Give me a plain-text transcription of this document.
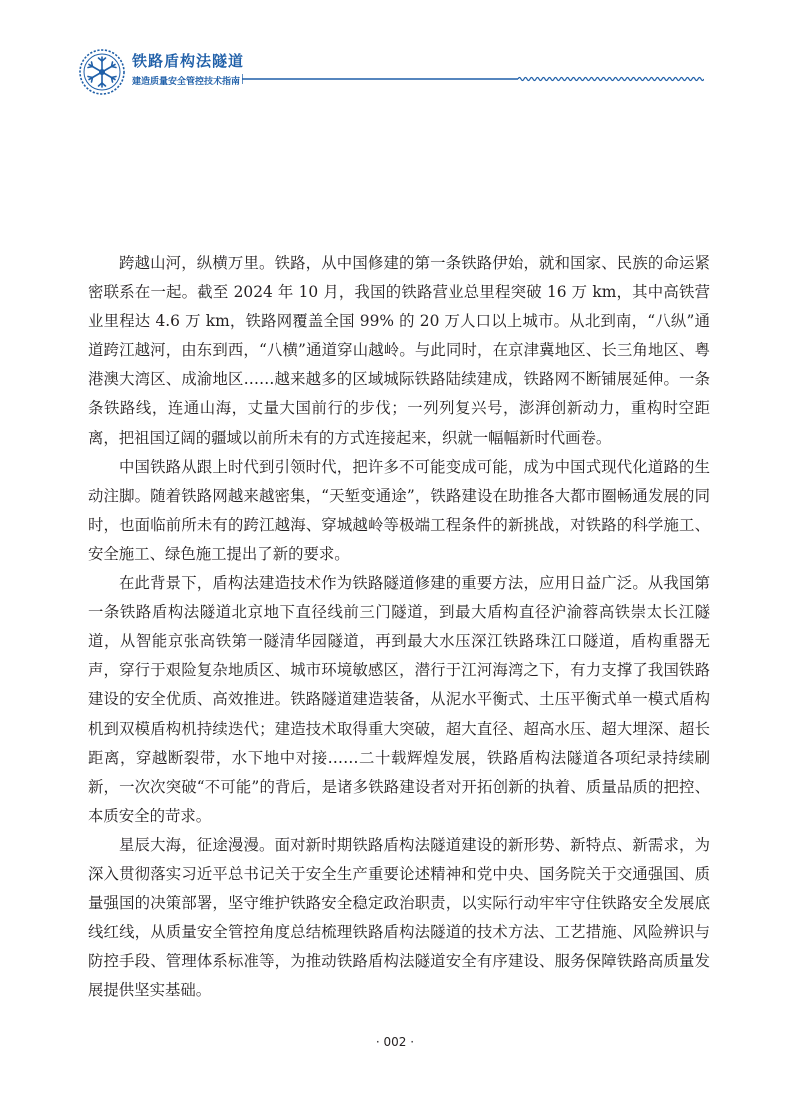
铁路盾构法隧道
建造质量安全管控技术指南

跨越山河，纵横万里。铁路，从中国修建的第一条铁路伊始，就和国家、民族的命运紧密联系在一起。截至 2024 年 10 月，我国的铁路营业总里程突破 16 万 km，其中高铁营业里程达 4.6 万 km，铁路网覆盖全国 99% 的 20 万人口以上城市。从北到南，“八纵”通道跨江越河，由东到西，“八横”通道穿山越岭。与此同时，在京津冀地区、长三角地区、粤港澳大湾区、成渝地区……越来越多的区域城际铁路陆续建成，铁路网不断铺展延伸。一条条铁路线，连通山海，丈量大国前行的步伐；一列列复兴号，澎湃创新动力，重构时空距离，把祖国辽阔的疆域以前所未有的方式连接起来，织就一幅幅新时代画卷。

中国铁路从跟上时代到引领时代，把许多不可能变成可能，成为中国式现代化道路的生动注脚。随着铁路网越来越密集，“天堑变通途”，铁路建设在助推各大都市圈畅通发展的同时，也面临前所未有的跨江越海、穿城越岭等极端工程条件的新挑战，对铁路的科学施工、安全施工、绿色施工提出了新的要求。

在此背景下，盾构法建造技术作为铁路隧道修建的重要方法，应用日益广泛。从我国第一条铁路盾构法隧道北京地下直径线前三门隧道，到最大盾构直径沪渝蓉高铁崇太长江隧道，从智能京张高铁第一隧清华园隧道，再到最大水压深江铁路珠江口隧道，盾构重器无声，穿行于艰险复杂地质区、城市环境敏感区，潜行于江河海湾之下，有力支撑了我国铁路建设的安全优质、高效推进。铁路隧道建造装备，从泥水平衡式、土压平衡式单一模式盾构机到双模盾构机持续迭代；建造技术取得重大突破，超大直径、超高水压、超大埋深、超长距离，穿越断裂带，水下地中对接……二十载辉煌发展，铁路盾构法隧道各项纪录持续刷新，一次次突破“不可能”的背后，是诸多铁路建设者对开拓创新的执着、质量品质的把控、本质安全的苛求。

星辰大海，征途漫漫。面对新时期铁路盾构法隧道建设的新形势、新特点、新需求，为深入贯彻落实习近平总书记关于安全生产重要论述精神和党中央、国务院关于交通强国、质量强国的决策部署，坚守维护铁路安全稳定政治职责，以实际行动牢牢守住铁路安全发展底线红线，从质量安全管控角度总结梳理铁路盾构法隧道的技术方法、工艺措施、风险辨识与防控手段、管理体系标准等，为推动铁路盾构法隧道安全有序建设、服务保障铁路高质量发展提供坚实基础。

· 002 ·
